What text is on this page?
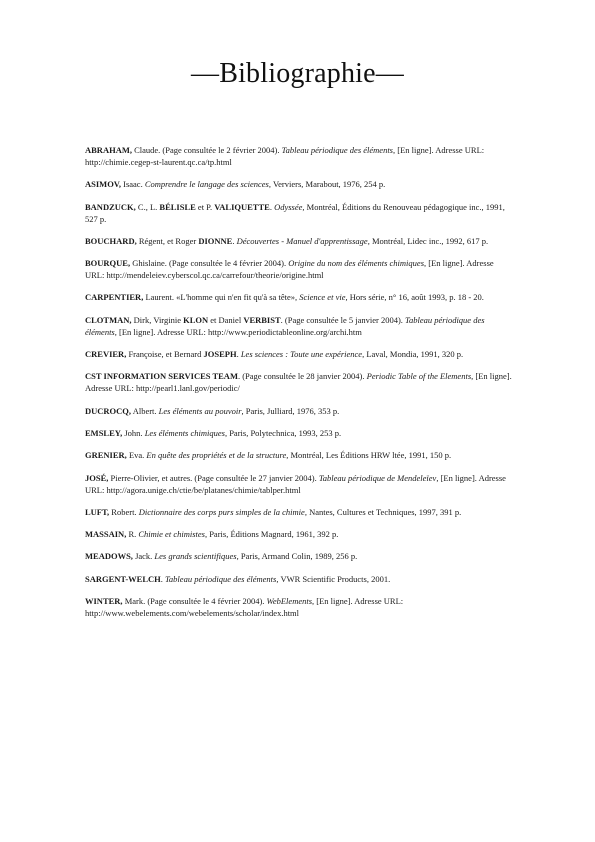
—Bibliographie—

ABRAHAM, Claude. (Page consultée le 2 février 2004). Tableau périodique des éléments, [En ligne]. Adresse URL: http://chimie.cegep-st-laurent.qc.ca/tp.html

ASIMOV, Isaac. Comprendre le langage des sciences, Verviers, Marabout, 1976, 254 p.

BANDZUCK, C., L. BÉLISLE et P. VALIQUETTE. Odyssée, Montréal, Éditions du Renouveau pédagogique inc., 1991, 527 p.

BOUCHARD, Régent, et Roger DIONNE. Découvertes - Manuel d'apprentissage, Montréal, Lidec inc., 1992, 617 p.

BOURQUE, Ghislaine. (Page consultée le 4 février 2004). Origine du nom des éléments chimiques, [En ligne]. Adresse URL: http://mendeleiev.cyberscol.qc.ca/carrefour/theorie/origine.html

CARPENTIER, Laurent. «L'homme qui n'en fit qu'à sa tête», Science et vie, Hors série, n° 16, août 1993, p. 18 - 20.

CLOTMAN, Dirk, Virginie KLON et Daniel VERBIST. (Page consultée le 5 janvier 2004). Tableau périodique des éléments, [En ligne]. Adresse URL: http://www.periodictableonline.org/archi.htm

CREVIER, Françoise, et Bernard JOSEPH. Les sciences : Toute une expérience, Laval, Mondia, 1991, 320 p.

CST INFORMATION SERVICES TEAM. (Page consultée le 28 janvier 2004). Periodic Table of the Elements, [En ligne]. Adresse URL: http://pearl1.lanl.gov/periodic/

DUCROCQ, Albert. Les éléments au pouvoir, Paris, Julliard, 1976, 353 p.

EMSLEY, John. Les éléments chimiques, Paris, Polytechnica, 1993, 253 p.

GRENIER, Eva. En quête des propriétés et de la structure, Montréal, Les Éditions HRW ltée, 1991, 150 p.

JOSÉ, Pierre-Olivier, et autres. (Page consultée le 27 janvier 2004). Tableau périodique de Mendeleïev, [En ligne]. Adresse URL: http://agora.unige.ch/ctie/be/platanes/chimie/tablper.html

LUFT, Robert. Dictionnaire des corps purs simples de la chimie, Nantes, Cultures et Techniques, 1997, 391 p.

MASSAIN, R. Chimie et chimistes, Paris, Éditions Magnard, 1961, 392 p.

MEADOWS, Jack. Les grands scientifiques, Paris, Armand Colin, 1989, 256 p.

SARGENT-WELCH. Tableau périodique des éléments, VWR Scientific Products, 2001.

WINTER, Mark. (Page consultée le 4 février 2004). WebElements, [En ligne]. Adresse URL: http://www.webelements.com/webelements/scholar/index.html
